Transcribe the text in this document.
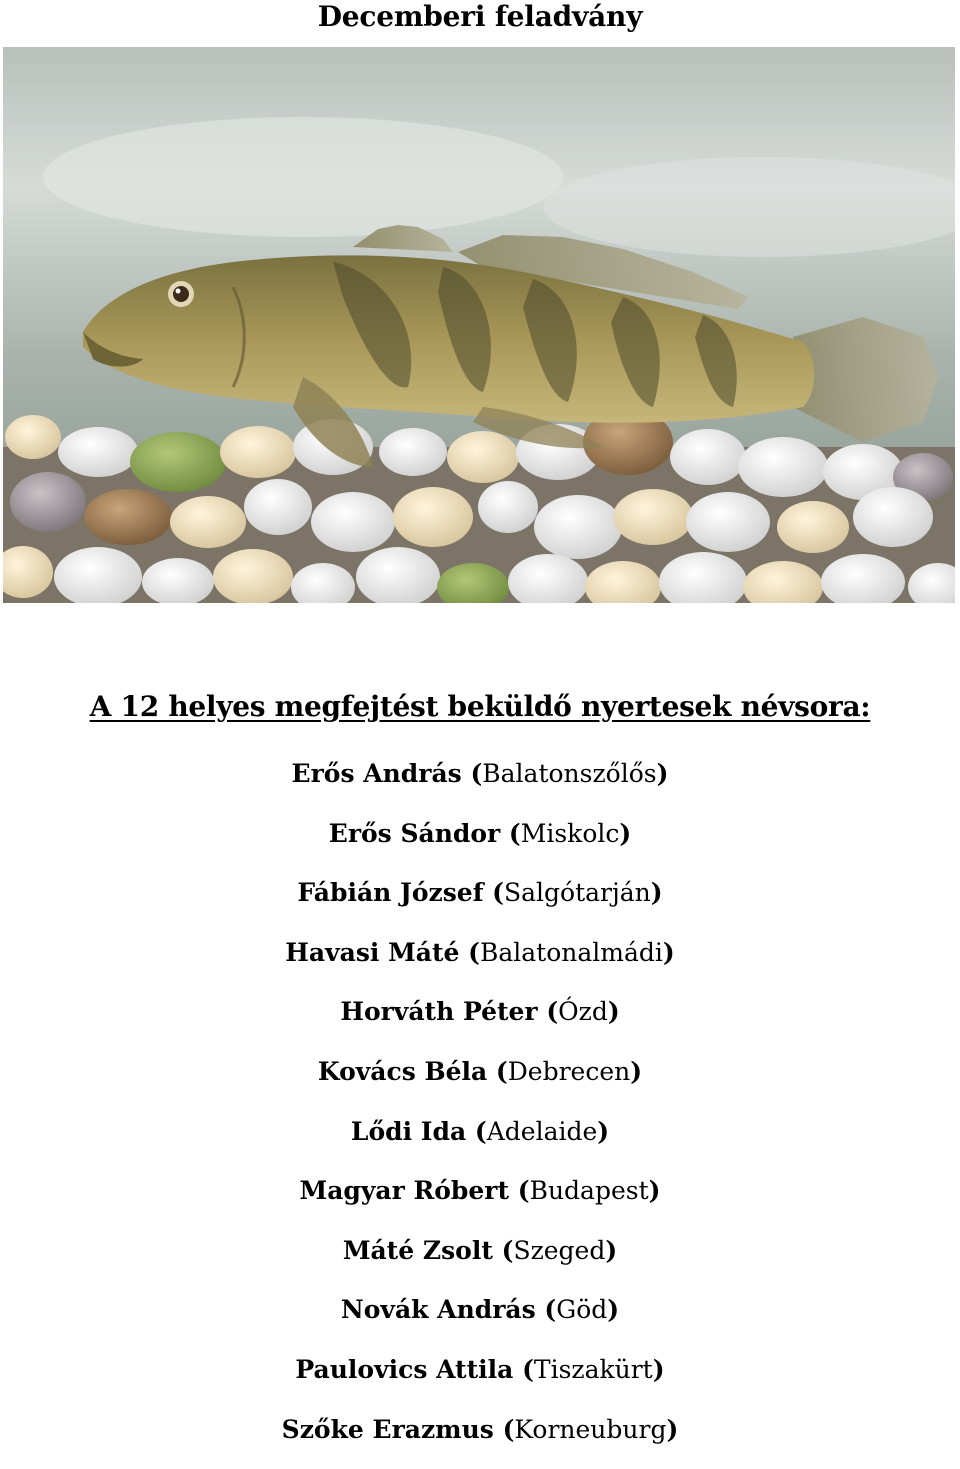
Decemberi feladvány
A 12 helyes megfejtést beküldő nyertesek névsora:
Erős András (Balatonszőlős)
Erős Sándor (Miskolc)
Fábián József (Salgótarján)
Havasi Máté (Balatonalmádi)
Horváth Péter (Ózd)
Kovács Béla (Debrecen)
Lődi Ida (Adelaide)
Magyar Róbert (Budapest)
Máté Zsolt (Szeged)
Novák András (Göd)
Paulovics Attila (Tiszakürt)
Szőke Erazmus (Korneuburg)
